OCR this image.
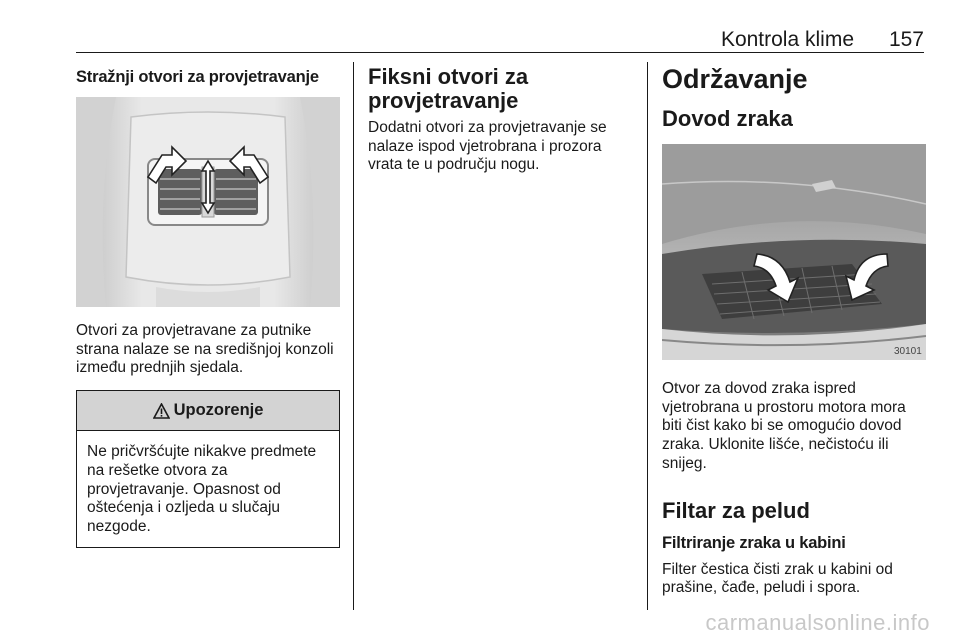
Kontrola klime 157
Stražnji otvori za provjetravanje
Otvori za provjetravane za putnike strana nalaze se na središnjoj konzoli između prednjih sjedala.
Upozorenje
Ne pričvršćujte nikakve predmete na rešetke otvora za provjetravanje. Opasnost od oštećenja i ozljeda u slučaju nezgode.
Fiksni otvori za provjetravanje
Dodatni otvori za provjetravanje se nalaze ispod vjetrobrana i prozora vrata te u području nogu.
Održavanje
Dovod zraka
30101
Otvor za dovod zraka ispred vjetrobrana u prostoru motora mora biti čist kako bi se omogućio dovod zraka. Uklonite lišće, nečistoću ili snijeg.
Filtar za pelud
Filtriranje zraka u kabini
Filter čestica čisti zrak u kabini od prašine, čađe, peludi i spora.
carmanualsonline.info
